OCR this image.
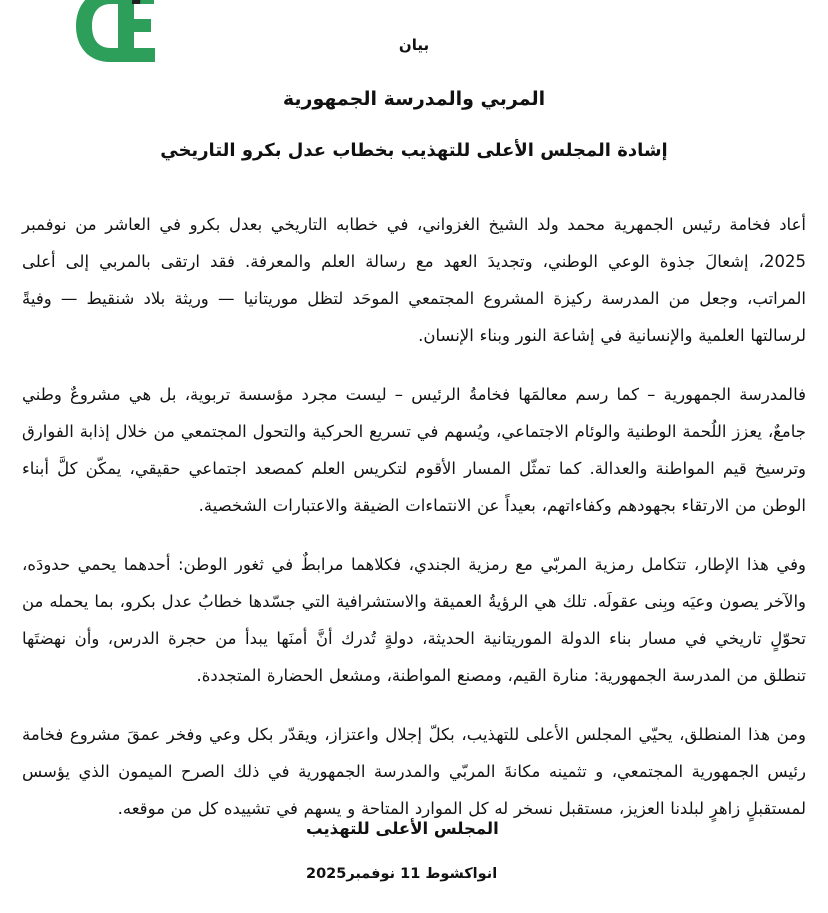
بيان
المربي والمدرسة الجمهورية
إشادة المجلس الأعلى للتهذيب بخطاب عدل بكرو التاريخي

أعاد فخامة رئيس الجمهرية محمد ولد الشيخ الغزواني، في خطابه التاريخي بعدل بكرو في العاشر من نوفمبر 2025، إشعالَ جذوة الوعي الوطني، وتجديدَ العهد مع رسالة العلم والمعرفة. فقد ارتقى بالمربي إلى أعلى المراتب، وجعل من المدرسة ركيزة المشروع المجتمعي الموحَد لتظل موريتانيا — وريثة بلاد شنقيط — وفيةً لرسالتها العلمية والإنسانية في إشاعة النور وبناء الإنسان.

فالمدرسة الجمهورية – كما رسم معالمَها فخامةُ الرئيس – ليست مجرد مؤسسة تربوية، بل هي مشروعٌ وطني جامعٌ، يعزز اللُحمة الوطنية والوئام الاجتماعي، ويُسهم في تسريع الحركية والتحول المجتمعي من خلال إذابة الفوارق وترسيخ قيم المواطنة والعدالة. كما تمثّل المسار الأقوم لتكريس العلم كمصعد اجتماعي حقيقي، يمكّن كلَّ أبناء الوطن من الارتقاء بجهودهم وكفاءاتهم، بعيداً عن الانتماءات الضيقة والاعتبارات الشخصية.

وفي هذا الإطار، تتكامل رمزية المربّي مع رمزية الجندي، فكلاهما مرابطٌ في ثغور الوطن: أحدهما يحمي حدودَه، والآخر يصون وعيَه وبِنى عقولَه. تلك هي الرؤيةُ العميقة والاستشرافية التي جسّدها خطابُ عدل بكرو، بما يحمله من تحوّلٍ تاريخي في مسار بناء الدولة الموريتانية الحديثة، دولةٍ تُدرك أنَّ أمنَها يبدأ من حجرة الدرس، وأن نهضتَها تنطلق من المدرسة الجمهورية: منارة القيم، ومصنع المواطنة، ومشعل الحضارة المتجددة.

ومن هذا المنطلق، يحيّي المجلس الأعلى للتهذيب، بكلّ إجلال واعتزاز، ويقدّر بكل وعي وفخر عمقَ مشروع فخامة رئيس الجمهورية المجتمعي، و تثمينه مكانةَ المربّي والمدرسة الجمهورية في ذلك الصرح الميمون الذي يؤسس لمستقبلٍ زاهرٍ لبلدنا العزيز، مستقبل نسخر له كل الموارد المتاحة و يسهم في تشييده كل من موقعه.

المجلس الأعلى للتهذيب
انواكشوط 11 نوفمبر2025
